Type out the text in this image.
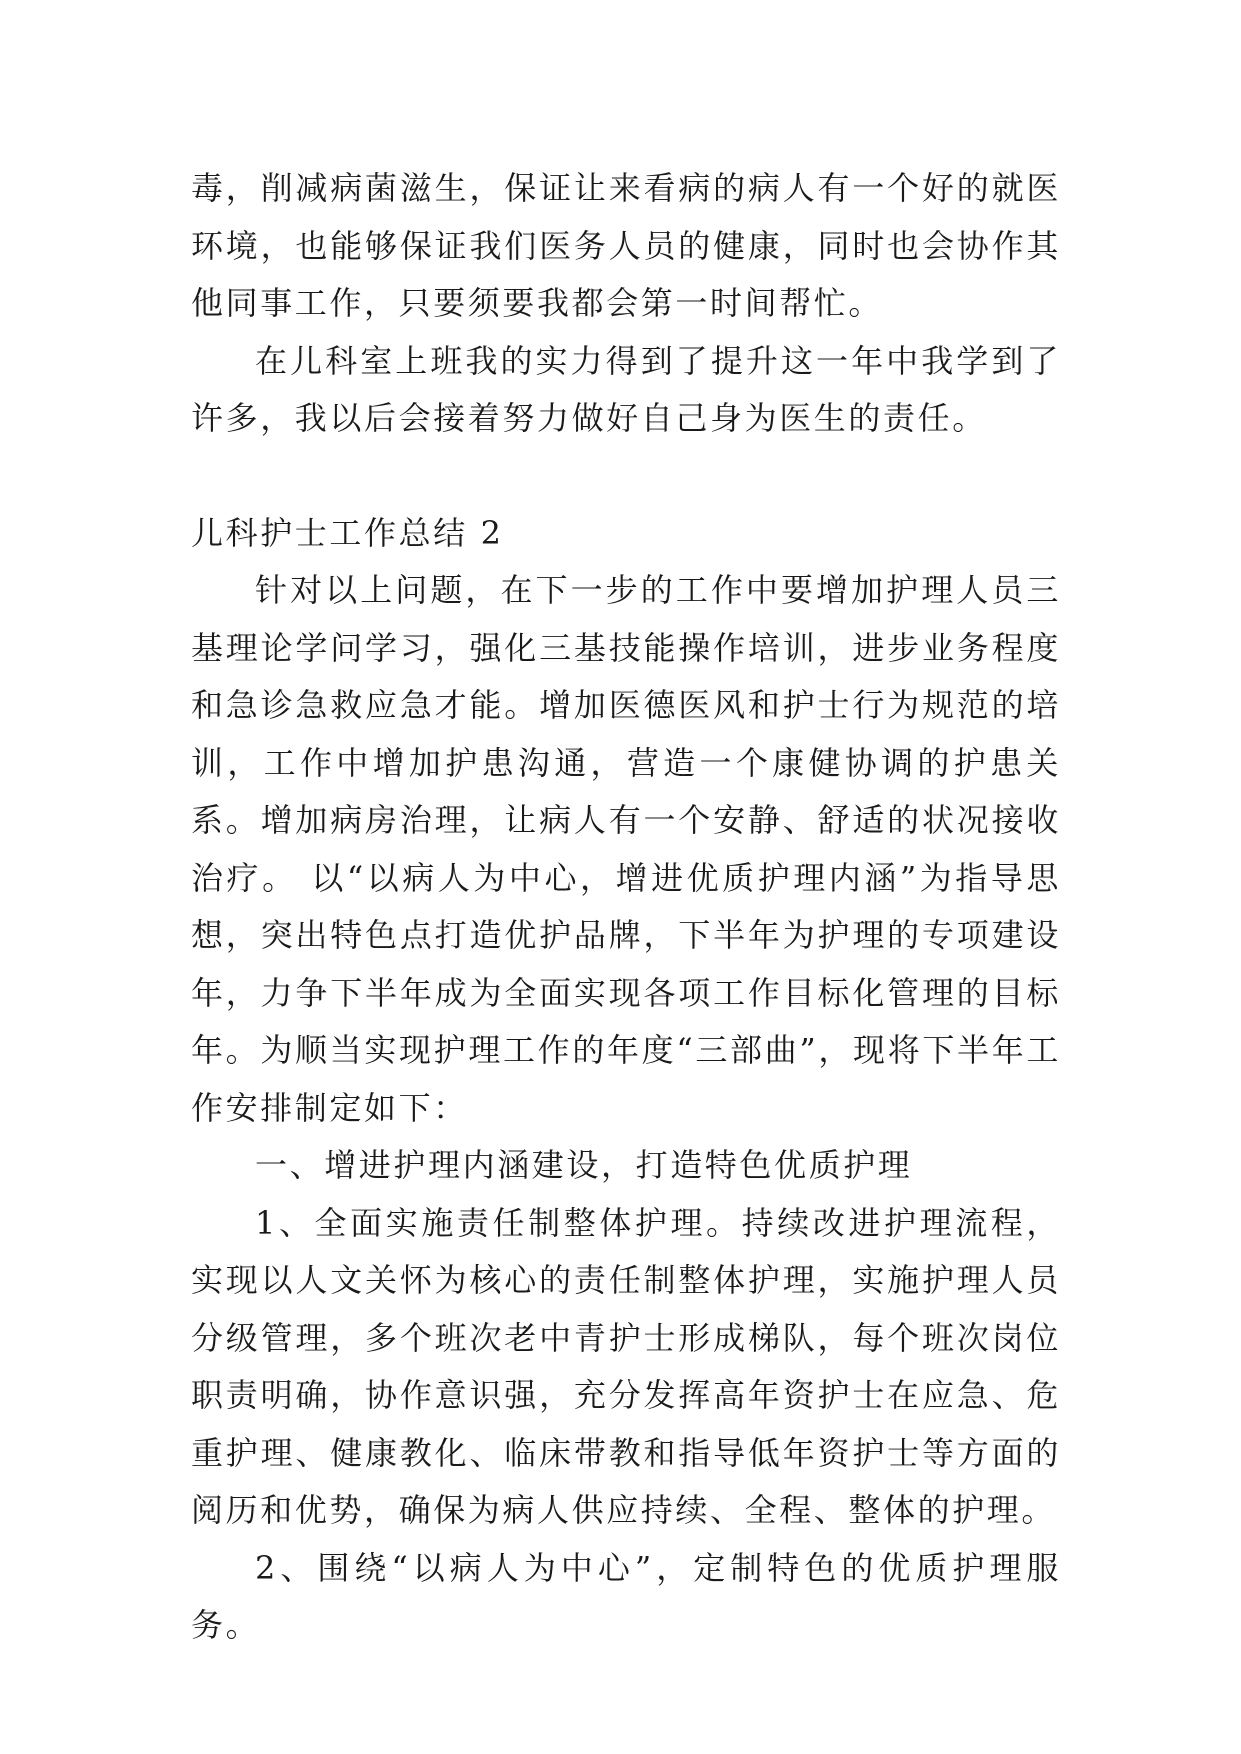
毒，削减病菌滋生，保证让来看病的病人有一个好的就医环境，也能够保证我们医务人员的健康，同时也会协作其他同事工作，只要须要我都会第一时间帮忙。

在儿科室上班我的实力得到了提升这一年中我学到了许多，我以后会接着努力做好自己身为医生的责任。

儿科护士工作总结 2

针对以上问题，在下一步的工作中要增加护理人员三基理论学问学习，强化三基技能操作培训，进步业务程度和急诊急救应急才能。增加医德医风和护士行为规范的培训，工作中增加护患沟通，营造一个康健协调的护患关系。增加病房治理，让病人有一个安静、舒适的状况接收治疗。 以“以病人为中心，增进优质护理内涵”为指导思想，突出特色点打造优护品牌，下半年为护理的专项建设年，力争下半年成为全面实现各项工作目标化管理的目标年。为顺当实现护理工作的年度“三部曲”，现将下半年工作安排制定如下：

一、增进护理内涵建设，打造特色优质护理

1、全面实施责任制整体护理。持续改进护理流程，实现以人文关怀为核心的责任制整体护理，实施护理人员分级管理，多个班次老中青护士形成梯队，每个班次岗位职责明确，协作意识强，充分发挥高年资护士在应急、危重护理、健康教化、临床带教和指导低年资护士等方面的阅历和优势，确保为病人供应持续、全程、整体的护理。

2、围绕“以病人为中心”，定制特色的优质护理服务。
